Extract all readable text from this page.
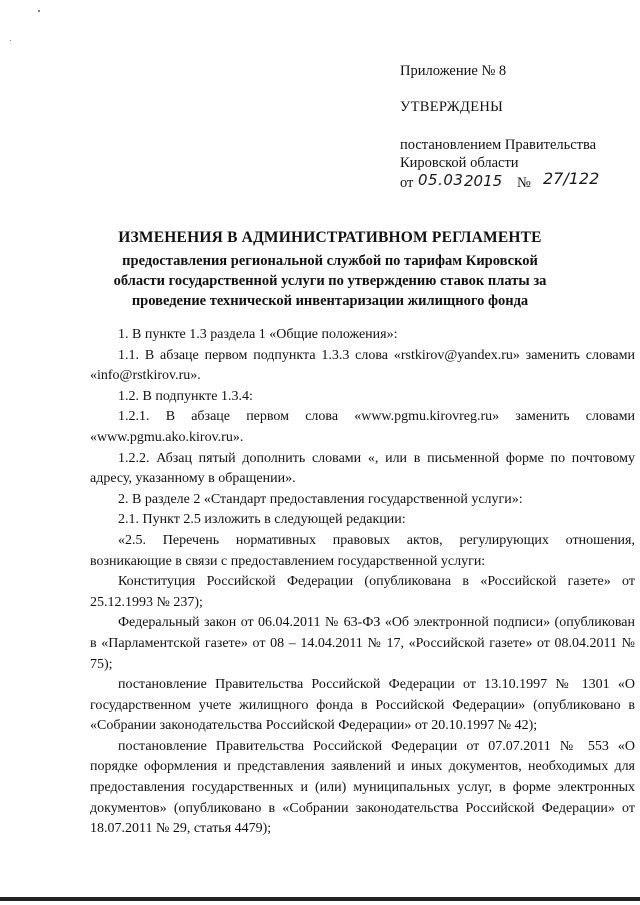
Приложение № 8

УТВЕРЖДЕНЫ

постановлением Правительства

Кировской области

от 05.03 2015 № 27/122

ИЗМЕНЕНИЯ В АДМИНИСТРАТИВНОМ РЕГЛАМЕНТЕ

предоставления региональной службой по тарифам Кировской области государственной услуги по утверждению ставок платы за проведение технической инвентаризации жилищного фонда

1. В пункте 1.3 раздела 1 «Общие положения»:

1.1. В абзаце первом подпункта 1.3.3 слова «rstkirov@yandex.ru» заменить словами «info@rstkirov.ru».

1.2. В подпункте 1.3.4:

1.2.1. В абзаце первом слова «www.pgmu.kirovreg.ru» заменить словами «www.pgmu.ako.kirov.ru».

1.2.2. Абзац пятый дополнить словами «, или в письменной форме по почтовому адресу, указанному в обращении».

2. В разделе 2 «Стандарт предоставления государственной услуги»:

2.1. Пункт 2.5 изложить в следующей редакции:

«2.5. Перечень нормативных правовых актов, регулирующих отношения, возникающие в связи с предоставлением государственной услуги:

Конституция Российской Федерации (опубликована в «Российской газете» от 25.12.1993 № 237);

Федеральный закон от 06.04.2011 № 63-ФЗ «Об электронной подписи» (опубликован в «Парламентской газете» от 08 – 14.04.2011 № 17, «Российской газете» от 08.04.2011 № 75);

постановление Правительства Российской Федерации от 13.10.1997 № 1301 «О государственном учете жилищного фонда в Российской Федерации» (опубликовано в «Собрании законодательства Российской Федерации» от 20.10.1997 № 42);

постановление Правительства Российской Федерации от 07.07.2011 № 553 «О порядке оформления и представления заявлений и иных документов, необходимых для предоставления государственных и (или) муниципальных услуг, в форме электронных документов» (опубликовано в «Собрании законодательства Российской Федерации» от 18.07.2011 № 29, статья 4479);
